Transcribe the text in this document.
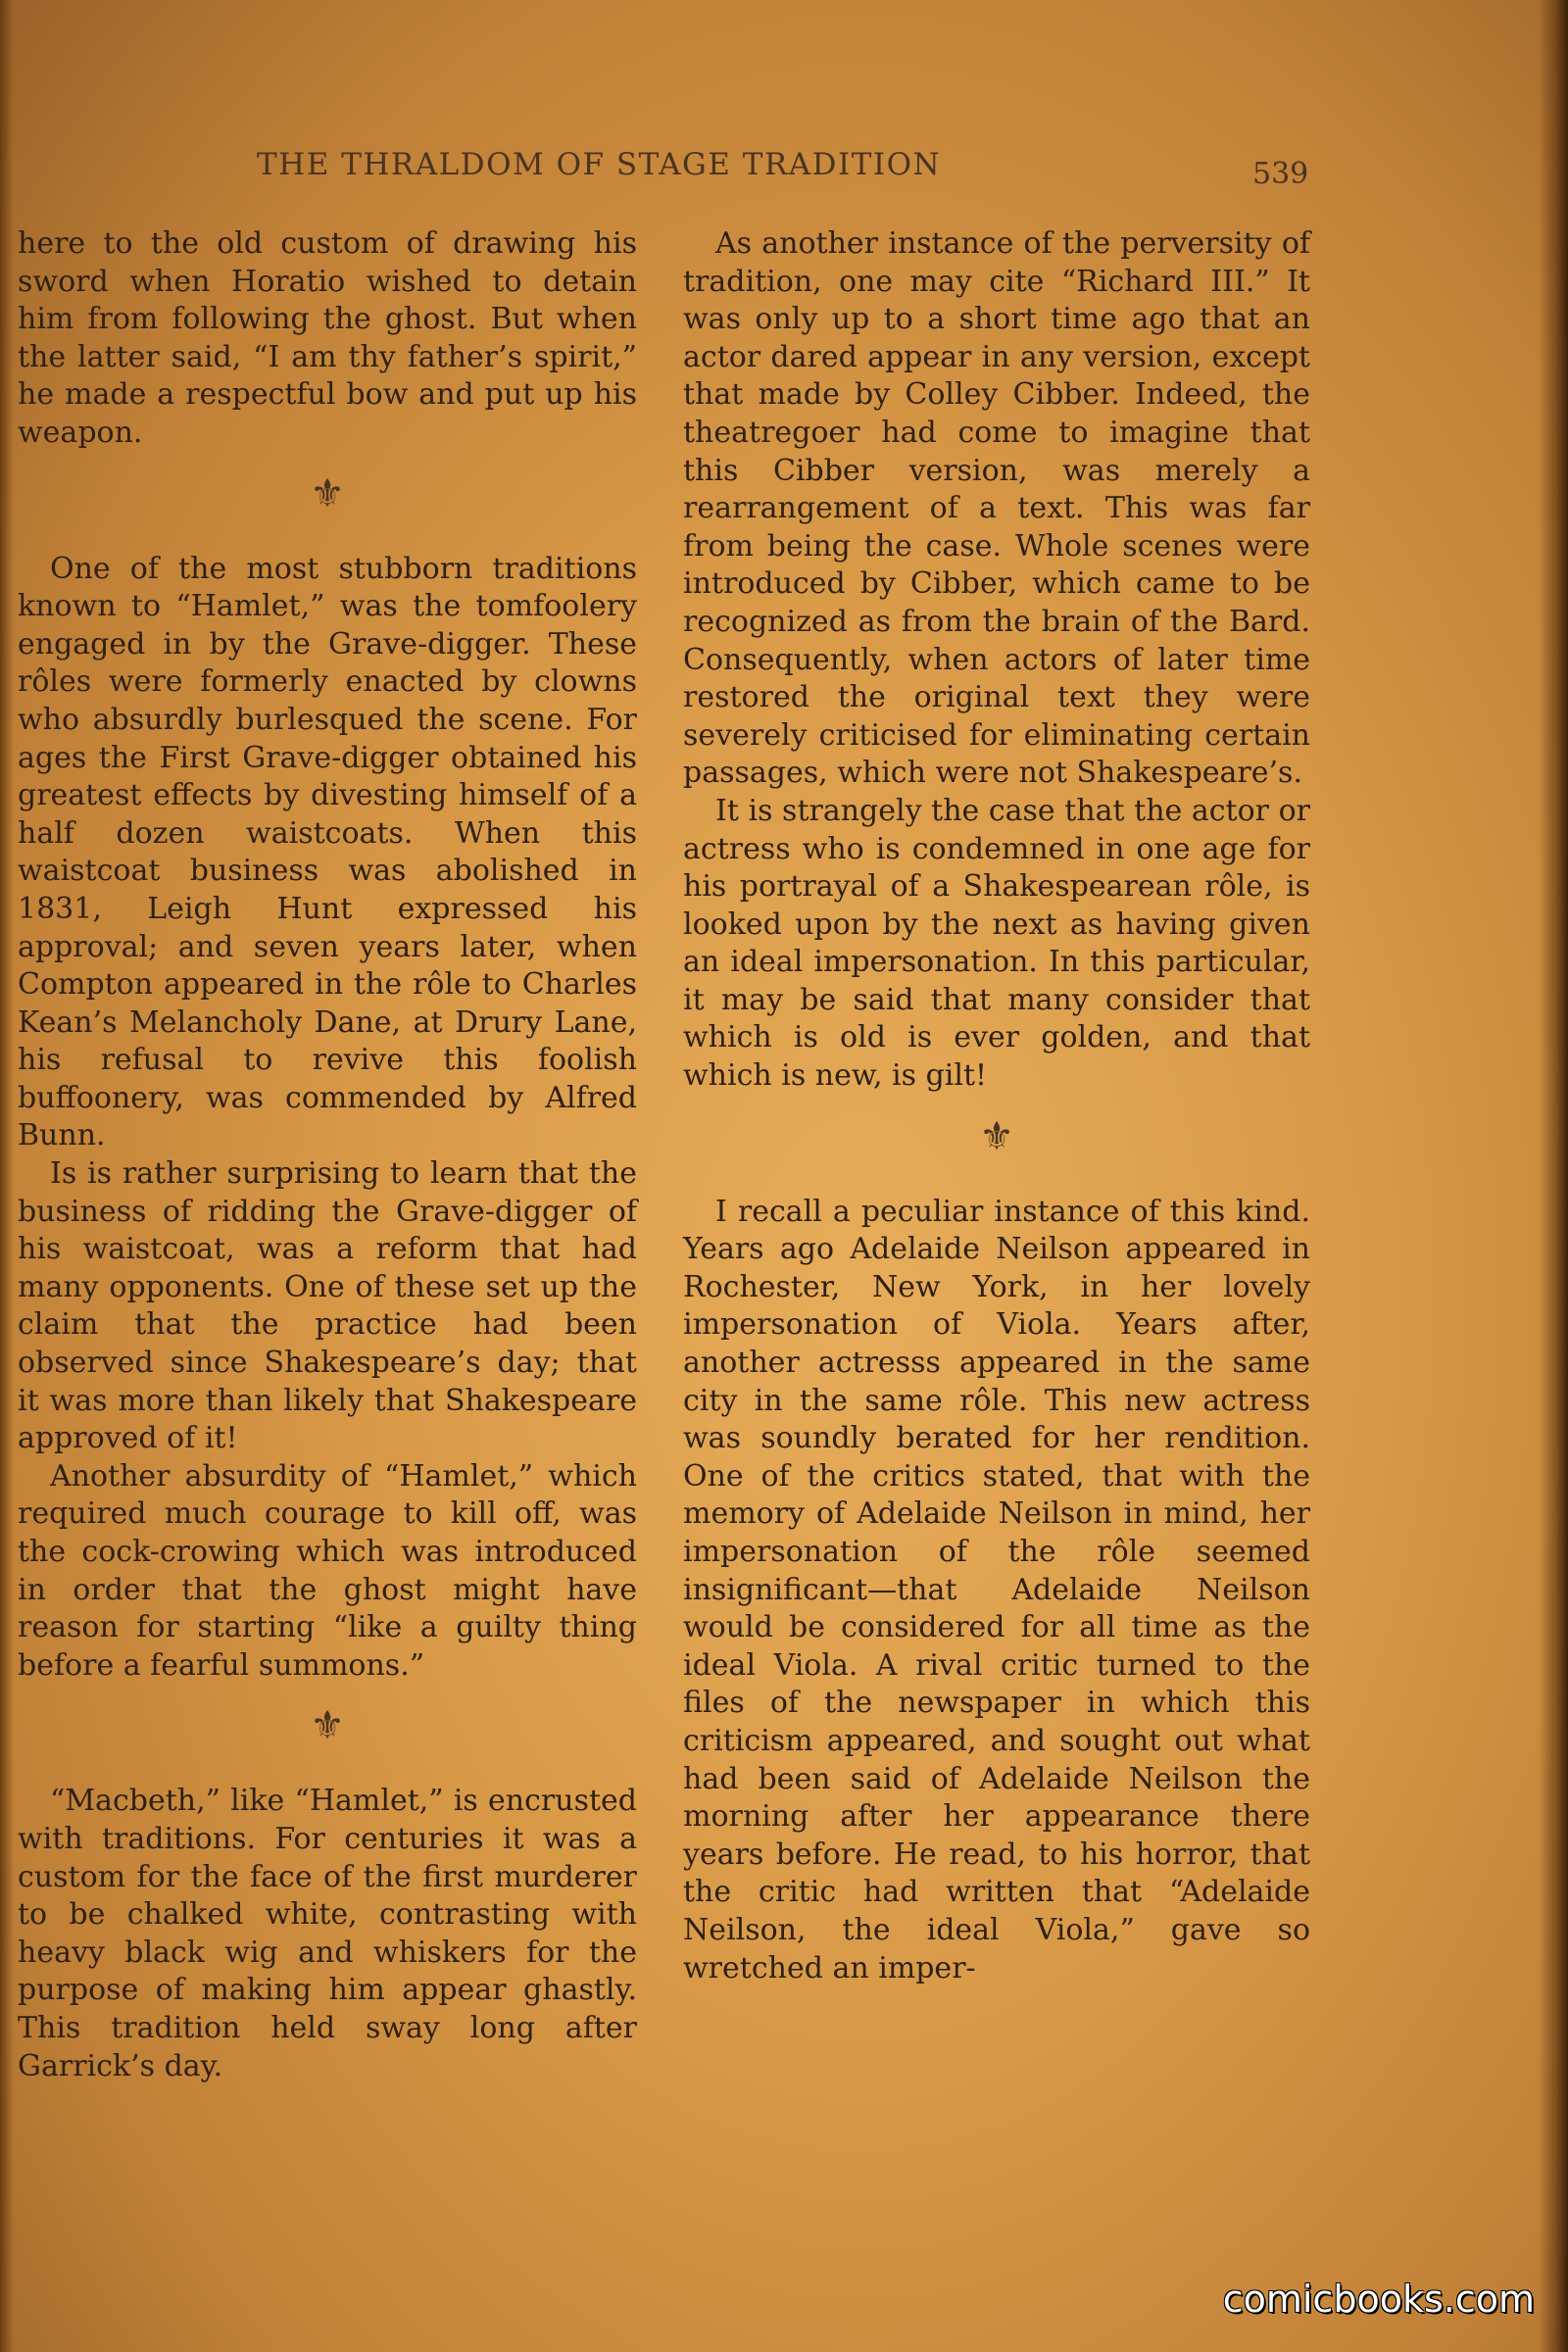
THE THRALDOM OF STAGE TRADITION	539

here to the old custom of drawing his sword when Horatio wished to detain him from following the ghost. But when the latter said, “I am thy father’s spirit,” he made a respectful bow and put up his weapon.

⚜

One of the most stubborn traditions known to “Hamlet,” was the tomfoolery engaged in by the Grave-digger. These rôles were formerly enacted by clowns who absurdly burlesqued the scene. For ages the First Grave-digger obtained his greatest effects by divesting himself of a half dozen waistcoats. When this waistcoat business was abolished in 1831, Leigh Hunt expressed his approval; and seven years later, when Compton appeared in the rôle to Charles Kean’s Melancholy Dane, at Drury Lane, his refusal to revive this foolish buffoonery, was commended by Alfred Bunn.

Is is rather surprising to learn that the business of ridding the Grave-digger of his waistcoat, was a reform that had many opponents. One of these set up the claim that the practice had been observed since Shakespeare’s day; that it was more than likely that Shakespeare approved of it!

Another absurdity of “Hamlet,” which required much courage to kill off, was the cock-crowing which was introduced in order that the ghost might have reason for starting “like a guilty thing before a fearful summons.”

⚜

“Macbeth,” like “Hamlet,” is encrusted with traditions. For centuries it was a custom for the face of the first murderer to be chalked white, contrasting with heavy black wig and whiskers for the purpose of making him appear ghastly. This tradition held sway long after Garrick’s day.

As another instance of the perversity of tradition, one may cite “Richard III.” It was only up to a short time ago that an actor dared appear in any version, except that made by Colley Cibber. Indeed, the theatregoer had come to imagine that this Cibber version, was merely a rearrangement of a text. This was far from being the case. Whole scenes were introduced by Cibber, which came to be recognized as from the brain of the Bard. Consequently, when actors of later time restored the original text they were severely criticised for eliminating certain passages, which were not Shakespeare’s.

It is strangely the case that the actor or actress who is condemned in one age for his portrayal of a Shakespearean rôle, is looked upon by the next as having given an ideal impersonation. In this particular, it may be said that many consider that which is old is ever golden, and that which is new, is gilt!

⚜

I recall a peculiar instance of this kind. Years ago Adelaide Neilson appeared in Rochester, New York, in her lovely impersonation of Viola. Years after, another actresss appeared in the same city in the same rôle. This new actress was soundly berated for her rendition. One of the critics stated, that with the memory of Adelaide Neilson in mind, her impersonation of the rôle seemed insignificant—that Adelaide Neilson would be considered for all time as the ideal Viola. A rival critic turned to the files of the newspaper in which this criticism appeared, and sought out what had been said of Adelaide Neilson the morning after her appearance there years before. He read, to his horror, that the critic had written that “Adelaide Neilson, the ideal Viola,” gave so wretched an imper-

comicbooks.com
